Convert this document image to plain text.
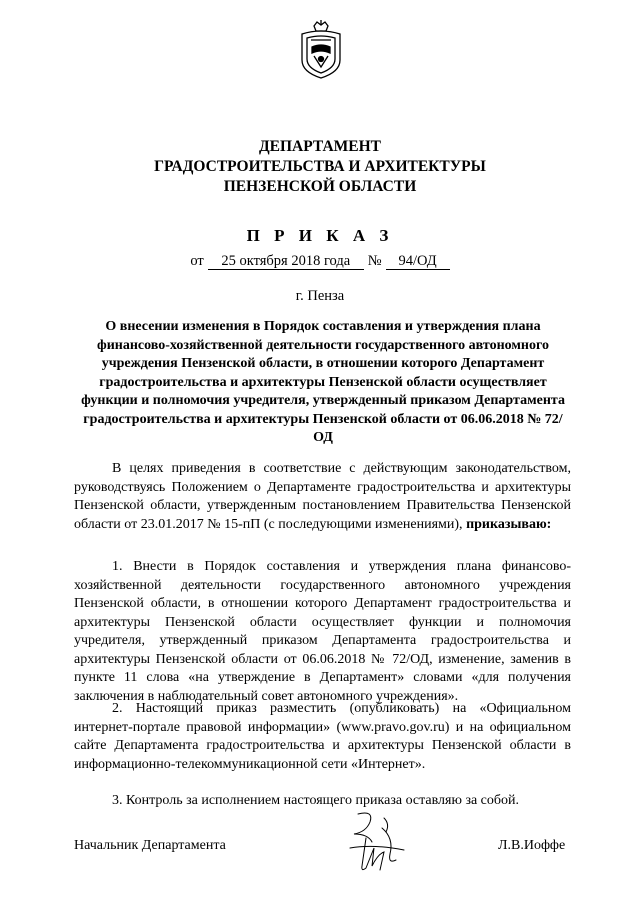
ДЕПАРТАМЕНТ
ГРАДОСТРОИТЕЛЬСТВА И АРХИТЕКТУРЫ
ПЕНЗЕНСКОЙ ОБЛАСТИ
П Р И К А З
от 25 октября 2018 года № 94/ОД
г. Пенза
О внесении изменения в Порядок составления и утверждения плана финансово-хозяйственной деятельности государственного автономного учреждения Пензенской области, в отношении которого Департамент градостроительства и архитектуры Пензенской области осуществляет функции и полномочия учредителя, утвержденный приказом Департамента градостроительства и архитектуры Пензенской области от 06.06.2018 № 72/ОД
В целях приведения в соответствие с действующим законодательством, руководствуясь Положением о Департаменте градостроительства и архитектуры Пензенской области, утвержденным постановлением Правительства Пензенской области от 23.01.2017 № 15-пП (с последующими изменениями), приказываю:
1. Внести в Порядок составления и утверждения плана финансово-хозяйственной деятельности государственного автономного учреждения Пензенской области, в отношении которого Департамент градостроительства и архитектуры Пензенской области осуществляет функции и полномочия учредителя, утвержденный приказом Департамента градостроительства и архитектуры Пензенской области от 06.06.2018 № 72/ОД, изменение, заменив в пункте 11 слова «на утверждение в Департамент» словами «для получения заключения в наблюдательный совет автономного учреждения».
2. Настоящий приказ разместить (опубликовать) на «Официальном интернет-портале правовой информации» (www.pravo.gov.ru) и на официальном сайте Департамента градостроительства и архитектуры Пензенской области в информационно-телекоммуникационной сети «Интернет».
3. Контроль за исполнением настоящего приказа оставляю за собой.
Начальник Департамента	Л.В.Иоффе
